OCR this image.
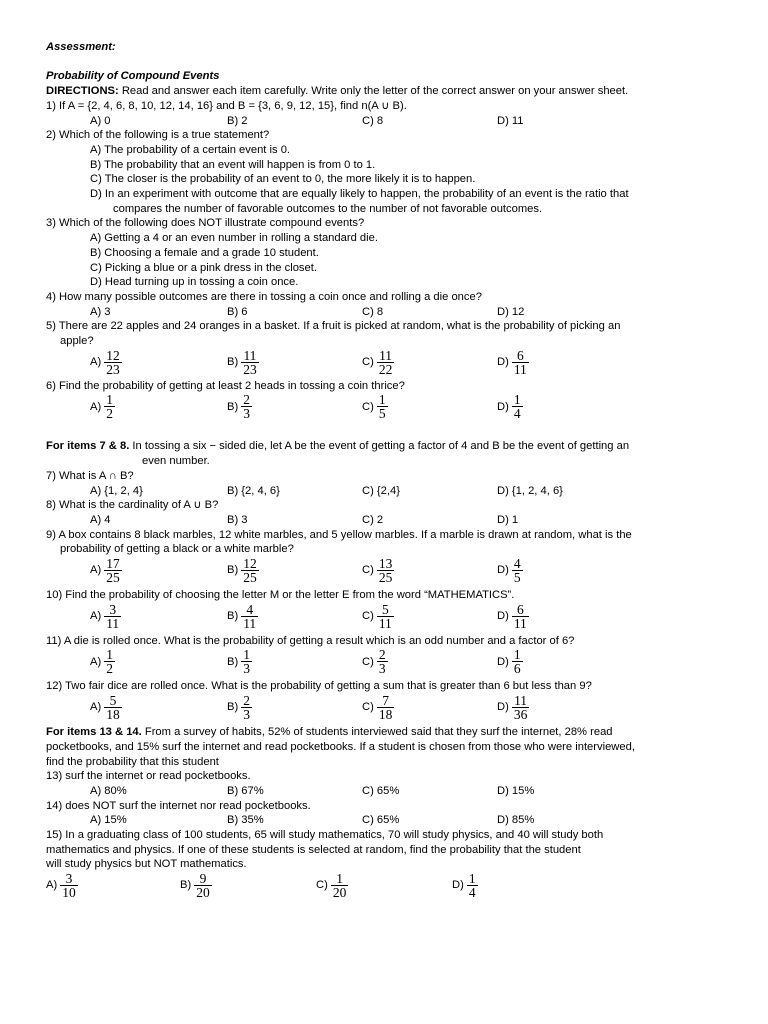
Assessment:
Probability of Compound Events
DIRECTIONS: Read and answer each item carefully. Write only the letter of the correct answer on your answer sheet.
1) If A = {2, 4, 6, 8, 10, 12, 14, 16} and B = {3, 6, 9, 12, 15}, find n(A ∪ B).
A) 0	B) 2	C) 8	D) 11
2) Which of the following is a true statement?
A) The probability of a certain event is 0.
B) The probability that an event will happen is from 0 to 1.
C) The closer is the probability of an event to 0, the more likely it is to happen.
D) In an experiment with outcome that are equally likely to happen, the probability of an event is the ratio that
compares the number of favorable outcomes to the number of not favorable outcomes.
3) Which of the following does NOT illustrate compound events?
A) Getting a 4 or an even number in rolling a standard die.
B) Choosing a female and a grade 10 student.
C) Picking a blue or a pink dress in the closet.
D) Head turning up in tossing a coin once.
4) How many possible outcomes are there in tossing a coin once and rolling a die once?
A) 3	B) 6	C) 8	D) 12
5) There are 22 apples and 24 oranges in a basket. If a fruit is picked at random, what is the probability of picking an
apple?
$A) \frac{12}{23}$	$B) \frac{11}{23}$	$C) \frac{11}{22}$	$D) \frac{6}{11}$
6) Find the probability of getting at least 2 heads in tossing a coin thrice?
$A) \frac{1}{2}$	$B) \frac{2}{3}$	$C) \frac{1}{5}$	$D) \frac{1}{4}$
For items 7 & 8. In tossing a six − sided die, let A be the event of getting a factor of 4 and B be the event of getting an
even number.
7) What is A ∩ B?
A) {1, 2, 4}	B) {2, 4, 6}	C) {2,4}	D) {1, 2, 4, 6}
8) What is the cardinality of A ∪ B?
A) 4	B) 3	C) 2	D) 1
9) A box contains 8 black marbles, 12 white marbles, and 5 yellow marbles. If a marble is drawn at random, what is the
probability of getting a black or a white marble?
$A) \frac{17}{25}$	$B) \frac{12}{25}$	$C) \frac{13}{25}$	$D) \frac{4}{5}$
10) Find the probability of choosing the letter M or the letter E from the word “MATHEMATICS”.
$A) \frac{3}{11}$	$B) \frac{4}{11}$	$C) \frac{5}{11}$	$D) \frac{6}{11}$
11) A die is rolled once. What is the probability of getting a result which is an odd number and a factor of 6?
$A) \frac{1}{2}$	$B) \frac{1}{3}$	$C) \frac{2}{3}$	$D) \frac{1}{6}$
12) Two fair dice are rolled once. What is the probability of getting a sum that is greater than 6 but less than 9?
$A) \frac{5}{18}$	$B) \frac{2}{3}$	$C) \frac{7}{18}$	$D) \frac{11}{36}$
For items 13 & 14. From a survey of habits, 52% of students interviewed said that they surf the internet, 28% read
pocketbooks, and 15% surf the internet and read pocketbooks. If a student is chosen from those who were interviewed,
find the probability that this student
13) surf the internet or read pocketbooks.
A) 80%	B) 67%	C) 65%	D) 15%
14) does NOT surf the internet nor read pocketbooks.
A) 15%	B) 35%	C) 65%	D) 85%
15) In a graduating class of 100 students, 65 will study mathematics, 70 will study physics, and 40 will study both
mathematics and physics. If one of these students is selected at random, find the probability that the student
will study physics but NOT mathematics.
$A) \frac{3}{10}$	$B) \frac{9}{20}$	$C) \frac{1}{20}$	$D) \frac{1}{4}$
